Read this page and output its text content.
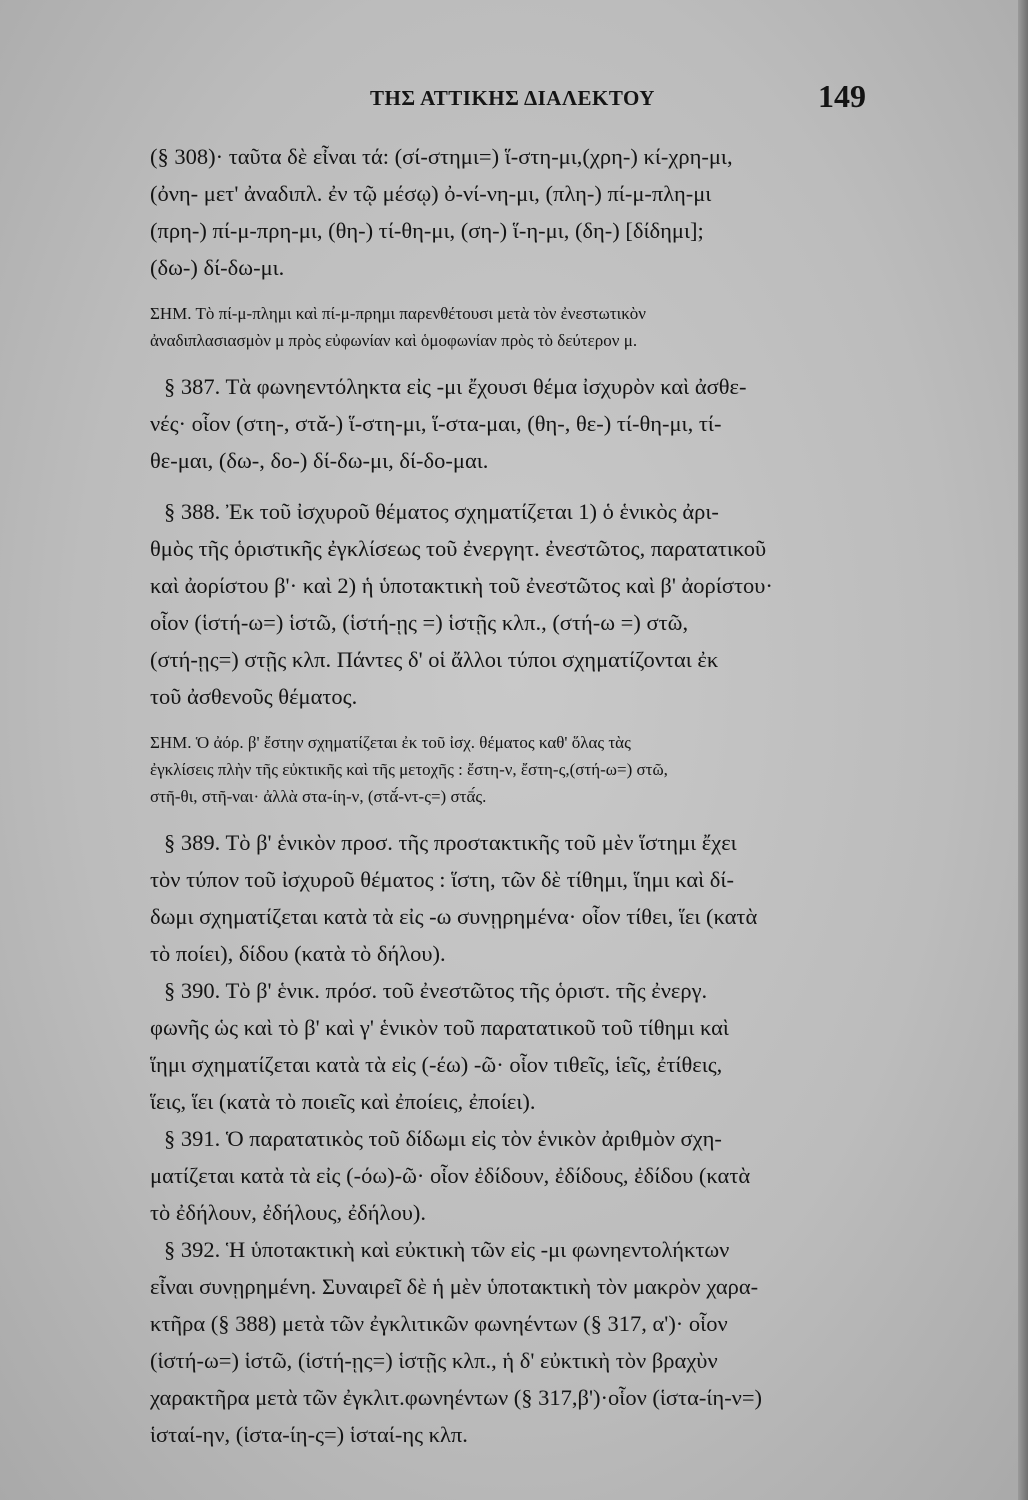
ΤΗΣ ΑΤΤΙΚΗΣ ΔΙΑΛΕΚΤΟΥ	149
(§ 308)· ταῦτα δὲ εἶναι τά: (σί-στημι=) ἵ-στη-μι,(χρη-) κί-χρη-μι,
(ὀνη- μετ' ἀναδιπλ. ἐν τῷ μέσῳ) ὀ-νί-νη-μι, (πλη-) πί-μ-πλη-μι
(πρη-) πί-μ-πρη-μι, (θη-) τί-θη-μι, (ση-) ἵ-η-μι, (δη-) [δίδημι];
(δω-) δί-δω-μι.
ΣΗΜ. Τὸ πί-μ-πλημι καὶ πί-μ-πρημι παρενθέτουσι μετὰ τὸν ἐνεστωτικὸν
ἀναδιπλασιασμὸν μ πρὸς εὐφωνίαν καὶ ὁμοφωνίαν πρὸς τὸ δεύτερον μ.
§ 387. Τὰ φωνηεντόληκτα εἰς -μι ἔχουσι θέμα ἰσχυρὸν καὶ ἀσθε-
νές· οἷον (στη-, στᾰ-) ἵ-στη-μι, ἵ-στα-μαι, (θη-, θε-) τί-θη-μι, τί-
θε-μαι, (δω-, δο-) δί-δω-μι, δί-δο-μαι.
§ 388. Ἐκ τοῦ ἰσχυροῦ θέματος σχηματίζεται 1) ὁ ἑνικὸς ἀρι-
θμὸς τῆς ὁριστικῆς ἐγκλίσεως τοῦ ἐνεργητ. ἐνεστῶτος, παρατατικοῦ
καὶ ἀορίστου β'· καὶ 2) ἡ ὑποτακτικὴ τοῦ ἐνεστῶτος καὶ β' ἀορίστου·
οἷον (ἱστή-ω=) ἱστῶ, (ἱστή-ῃς =) ἱστῇς κλπ., (στή-ω =) στῶ,
(στή-ῃς=) στῇς κλπ. Πάντες δ' οἱ ἄλλοι τύποι σχηματίζονται ἐκ
τοῦ ἀσθενοῦς θέματος.
ΣΗΜ. Ὁ ἀόρ. β' ἔστην σχηματίζεται ἐκ τοῦ ἰσχ. θέματος καθ' ὅλας τὰς
ἐγκλίσεις πλὴν τῆς εὐκτικῆς καὶ τῆς μετοχῆς : ἔστη-ν, ἔστη-ς,(στή-ω=) στῶ,
στῆ-θι, στῆ-ναι· ἀλλὰ στα-ίη-ν, (στᾰ́-ντ-ς=) στᾱ́ς.
§ 389. Τὸ β' ἑνικὸν προσ. τῆς προστακτικῆς τοῦ μὲν ἵστημι ἔχει
τὸν τύπον τοῦ ἰσχυροῦ θέματος : ἵστη, τῶν δὲ τίθημι, ἵημι καὶ δί-
δωμι σχηματίζεται κατὰ τὰ εἰς -ω συνῃρημένα· οἷον τίθει, ἵει (κατὰ
τὸ ποίει), δίδου (κατὰ τὸ δήλου).
§ 390. Τὸ β' ἑνικ. πρόσ. τοῦ ἐνεστῶτος τῆς ὁριστ. τῆς ἐνεργ.
φωνῆς ὡς καὶ τὸ β' καὶ γ' ἑνικὸν τοῦ παρατατικοῦ τοῦ τίθημι καὶ
ἵημι σχηματίζεται κατὰ τὰ εἰς (-έω) -ῶ· οἷον τιθεῖς, ἱεῖς, ἐτίθεις,
ἵεις, ἵει (κατὰ τὸ ποιεῖς καὶ ἐποίεις, ἐποίει).
§ 391. Ὁ παρατατικὸς τοῦ δίδωμι εἰς τὸν ἑνικὸν ἀριθμὸν σχη-
ματίζεται κατὰ τὰ εἰς (-όω)-ῶ· οἷον ἐδίδουν, ἐδίδους, ἐδίδου (κατὰ
τὸ ἐδήλουν, ἐδήλους, ἐδήλου).
§ 392. Ἡ ὑποτακτικὴ καὶ εὐκτικὴ τῶν εἰς -μι φωνηεντολήκτων
εἶναι συνῃρημένη. Συναιρεῖ δὲ ἡ μὲν ὑποτακτικὴ τὸν μακρὸν χαρα-
κτῆρα (§ 388) μετὰ τῶν ἐγκλιτικῶν φωνηέντων (§ 317, α')· οἷον
(ἱστή-ω=) ἱστῶ, (ἱστή-ῃς=) ἱστῇς κλπ., ἡ δ' εὐκτικὴ τὸν βραχὺν
χαρακτῆρα μετὰ τῶν ἐγκλιτ.φωνηέντων (§ 317,β')·οἷον (ἱστα-ίη-ν=)
ἱσταί-ην, (ἱστα-ίη-ς=) ἱσταί-ης κλπ.
